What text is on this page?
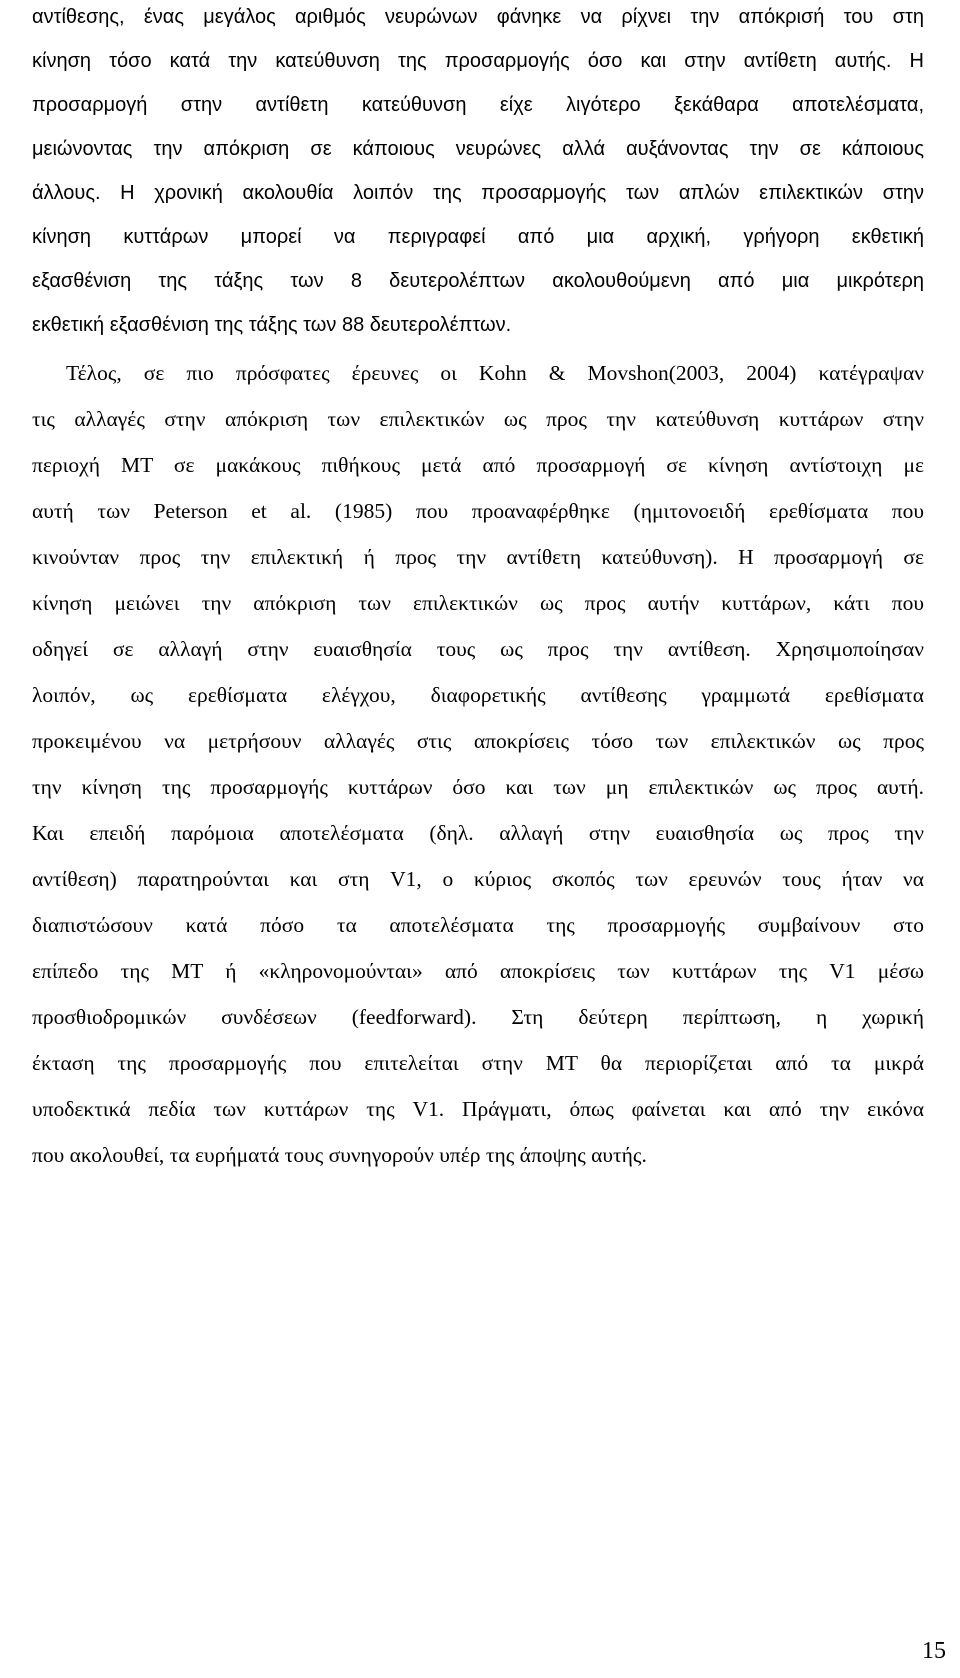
αντίθεσης, ένας μεγάλος αριθμός νευρώνων φάνηκε να ρίχνει την απόκρισή του στη
κίνηση τόσο κατά την κατεύθυνση της προσαρμογής όσο και στην αντίθετη αυτής. Η
προσαρμογή στην αντίθετη κατεύθυνση είχε λιγότερο ξεκάθαρα αποτελέσματα,
μειώνοντας την απόκριση σε κάποιους νευρώνες αλλά αυξάνοντας την σε κάποιους
άλλους. Η χρονική ακολουθία λοιπόν της προσαρμογής των απλών επιλεκτικών στην
κίνηση κυττάρων μπορεί να περιγραφεί από μια αρχική, γρήγορη εκθετική
εξασθένιση της τάξης των 8 δευτερολέπτων ακολουθούμενη από μια μικρότερη
εκθετική εξασθένιση της τάξης των 88 δευτερολέπτων.
Τέλος, σε πιο πρόσφατες έρευνες οι Kohn & Movshon(2003, 2004) κατέγραψαν
τις αλλαγές στην απόκριση των επιλεκτικών ως προς την κατεύθυνση κυττάρων στην
περιοχή ΜΤ σε μακάκους πιθήκους μετά από προσαρμογή σε κίνηση αντίστοιχη με
αυτή των Peterson et al. (1985) που προαναφέρθηκε (ημιτονοειδή ερεθίσματα που
κινούνταν προς την επιλεκτική ή προς την αντίθετη κατεύθυνση). Η προσαρμογή σε
κίνηση μειώνει την απόκριση των επιλεκτικών ως προς αυτήν κυττάρων, κάτι που
οδηγεί σε αλλαγή στην ευαισθησία τους ως προς την αντίθεση. Χρησιμοποίησαν
λοιπόν, ως ερεθίσματα ελέγχου, διαφορετικής αντίθεσης γραμμωτά ερεθίσματα
προκειμένου να μετρήσουν αλλαγές στις αποκρίσεις τόσο των επιλεκτικών ως προς
την κίνηση της προσαρμογής κυττάρων όσο και των μη επιλεκτικών ως προς αυτή.
Και επειδή παρόμοια αποτελέσματα (δηλ. αλλαγή στην ευαισθησία ως προς την
αντίθεση) παρατηρούνται και στη V1, ο κύριος σκοπός των ερευνών τους ήταν να
διαπιστώσουν κατά πόσο τα αποτελέσματα της προσαρμογής συμβαίνουν στο
επίπεδο της ΜΤ ή «κληρονομούνται» από αποκρίσεις των κυττάρων της V1 μέσω
προσθιοδρομικών συνδέσεων (feedforward). Στη δεύτερη περίπτωση, η χωρική
έκταση της προσαρμογής που επιτελείται στην ΜΤ θα περιορίζεται από τα μικρά
υποδεκτικά πεδία των κυττάρων της V1. Πράγματι, όπως φαίνεται και από την εικόνα
που ακολουθεί, τα ευρήματά τους συνηγορούν υπέρ της άποψης αυτής.
15
